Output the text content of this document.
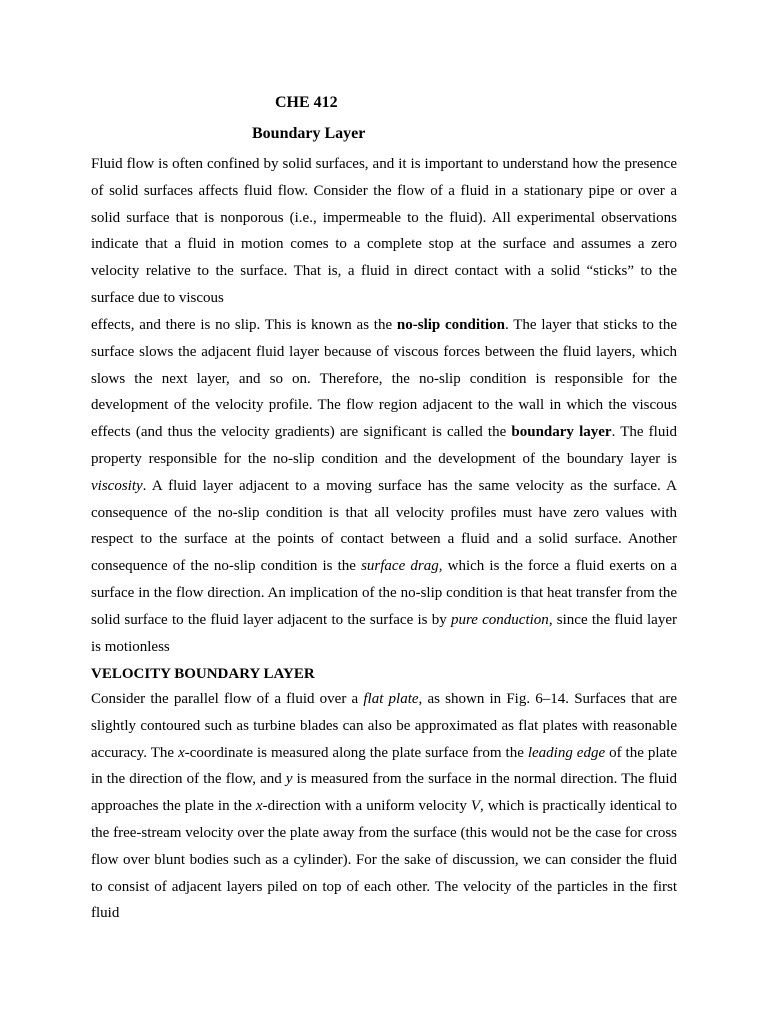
CHE 412
Boundary Layer

Fluid flow is often confined by solid surfaces, and it is important to understand how the presence of solid surfaces affects fluid flow. Consider the flow of a fluid in a stationary pipe or over a solid surface that is nonporous (i.e., impermeable to the fluid). All experimental observations indicate that a fluid in motion comes to a complete stop at the surface and assumes a zero velocity relative to the surface. That is, a fluid in direct contact with a solid “sticks” to the surface due to viscous

effects, and there is no slip. This is known as the no-slip condition. The layer that sticks to the surface slows the adjacent fluid layer because of viscous forces between the fluid layers, which slows the next layer, and so on. Therefore, the no-slip condition is responsible for the development of the velocity profile. The flow region adjacent to the wall in which the viscous effects (and thus the velocity gradients) are significant is called the boundary layer. The fluid property responsible for the no-slip condition and the development of the boundary layer is viscosity. A fluid layer adjacent to a moving surface has the same velocity as the surface. A consequence of the no-slip condition is that all velocity profiles must have zero values with respect to the surface at the points of contact between a fluid and a solid surface. Another consequence of the no-slip condition is the surface drag, which is the force a fluid exerts on a surface in the flow direction. An implication of the no-slip condition is that heat transfer from the solid surface to the fluid layer adjacent to the surface is by pure conduction, since the fluid layer is motionless

VELOCITY BOUNDARY LAYER

Consider the parallel flow of a fluid over a flat plate, as shown in Fig. 6–14. Surfaces that are slightly contoured such as turbine blades can also be approximated as flat plates with reasonable accuracy. The x-coordinate is measured along the plate surface from the leading edge of the plate in the direction of the flow, and y is measured from the surface in the normal direction. The fluid approaches the plate in the x-direction with a uniform velocity V, which is practically identical to the free-stream velocity over the plate away from the surface (this would not be the case for cross flow over blunt bodies such as a cylinder). For the sake of discussion, we can consider the fluid to consist of adjacent layers piled on top of each other. The velocity of the particles in the first fluid
